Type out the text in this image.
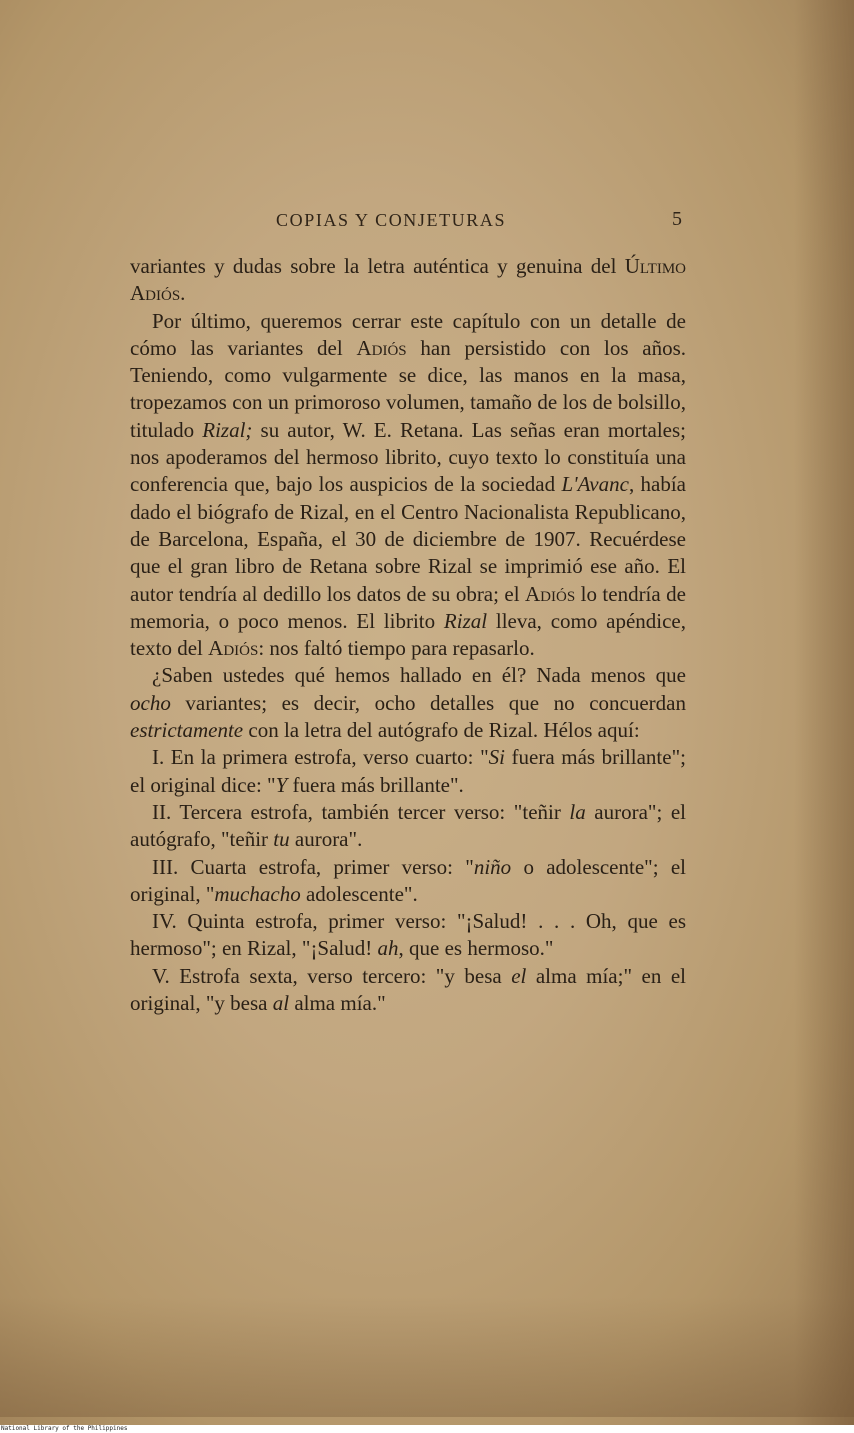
COPIAS Y CONJETURAS	5

variantes y dudas sobre la letra auténtica y genuina del Último Adiós.

Por último, queremos cerrar este capítulo con un detalle de cómo las variantes del Adiós han persistido con los años. Teniendo, como vulgarmente se dice, las manos en la masa, tropezamos con un primoroso volumen, tamaño de los de bolsillo, titulado Rizal; su autor, W. E. Retana. Las señas eran mortales; nos apoderamos del hermoso librito, cuyo texto lo constituía una conferencia que, bajo los auspicios de la sociedad L'Avanc, había dado el biógrafo de Rizal, en el Centro Nacionalista Republicano, de Barcelona, España, el 30 de diciembre de 1907. Recuérdese que el gran libro de Retana sobre Rizal se imprimió ese año. El autor tendría al dedillo los datos de su obra; el Adiós lo tendría de memoria, o poco menos. El librito Rizal lleva, como apéndice, texto del Adiós: nos faltó tiempo para repasarlo.

¿Saben ustedes qué hemos hallado en él? Nada menos que ocho variantes; es decir, ocho detalles que no concuerdan estrictamente con la letra del autógrafo de Rizal. Hélos aquí:

I. En la primera estrofa, verso cuarto: "Si fuera más brillante"; el original dice: "Y fuera más brillante".

II. Tercera estrofa, también tercer verso: "teñir la aurora"; el autógrafo, "teñir tu aurora".

III. Cuarta estrofa, primer verso: "niño o adolescente"; el original, "muchacho adolescente".

IV. Quinta estrofa, primer verso: "¡Salud! . . . Oh, que es hermoso"; en Rizal, "¡Salud! ah, que es hermoso."

V. Estrofa sexta, verso tercero: "y besa el alma mía;" en el original, "y besa al alma mía."

National Library of the Philippines
